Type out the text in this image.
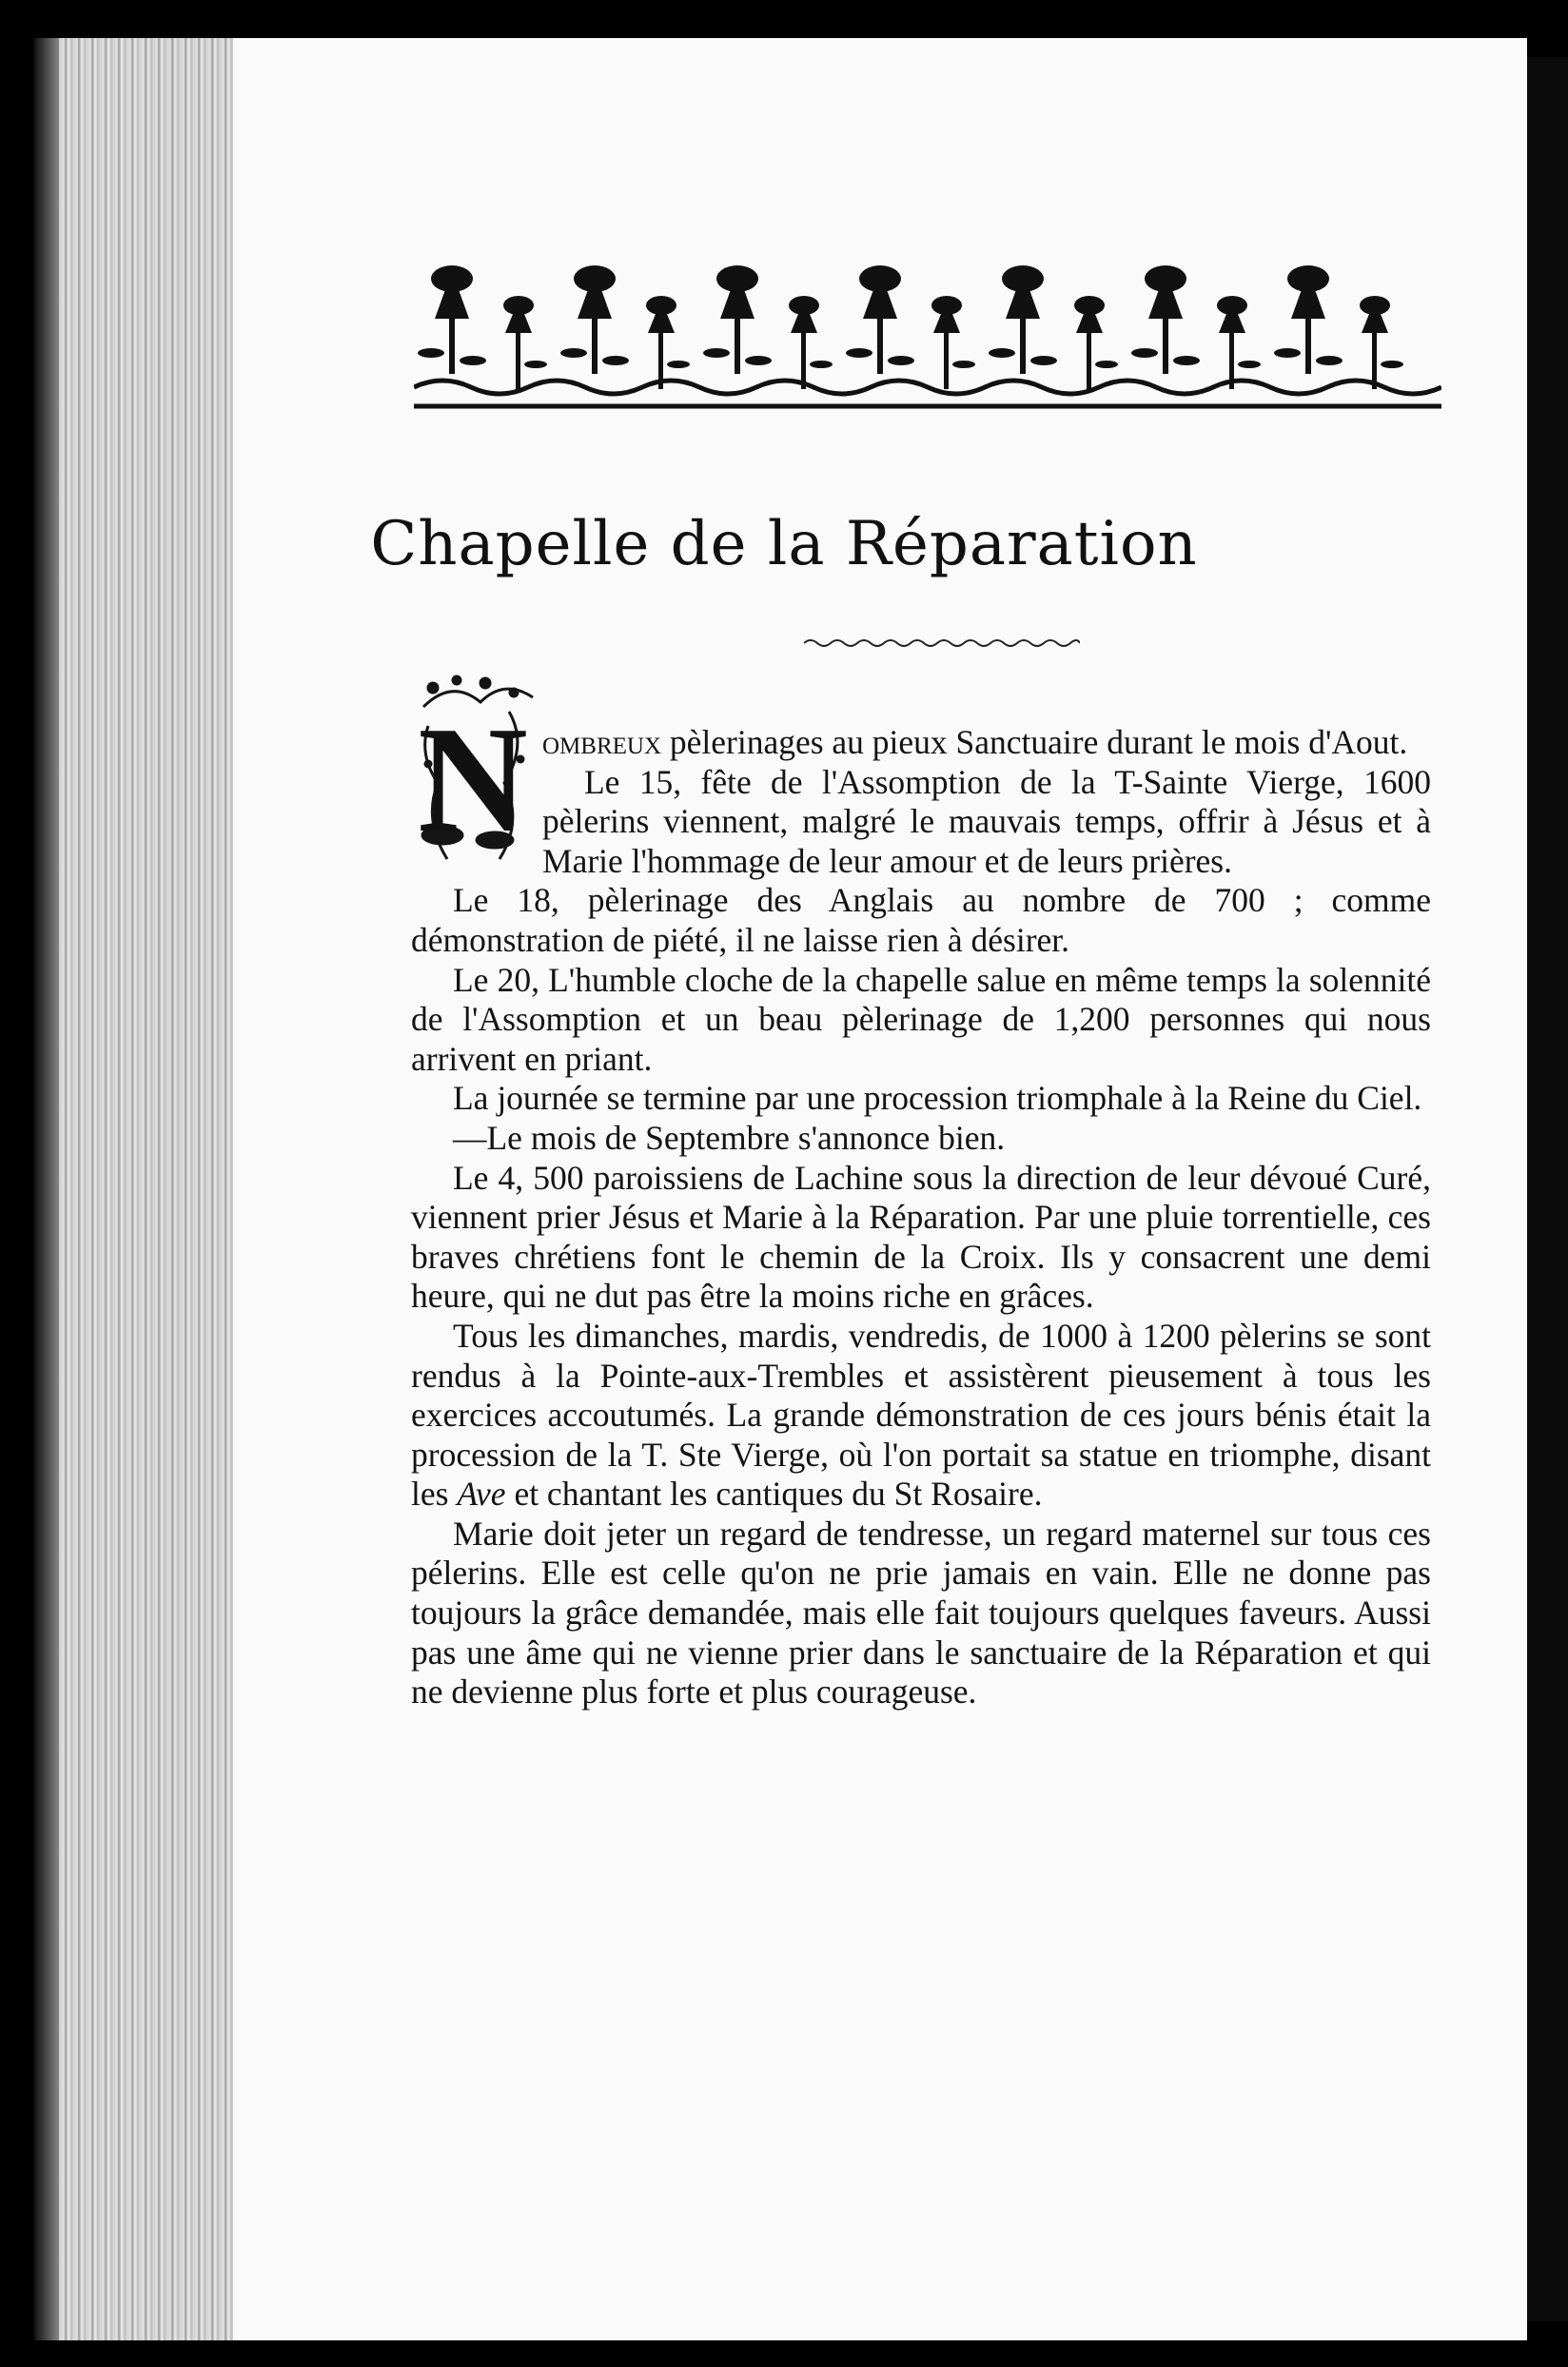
Chapelle de la Réparation
N ombreux pèlerinages au pieux Sanctuaire durant le mois d'Aout.

Le 15, fête de l'Assomption de la T-Sainte Vierge, 1600 pèlerins viennent, malgré le mauvais temps, offrir à Jésus et à Marie l'hommage de leur amour et de leurs prières.

Le 18, pèlerinage des Anglais au nombre de 700 ; comme démonstration de piété, il ne laisse rien à désirer.

Le 20, L'humble cloche de la chapelle salue en même temps la solennité de l'Assomption et un beau pèlerinage de 1,200 personnes qui nous arrivent en priant.

La journée se termine par une procession triomphale à la Reine du Ciel.

—Le mois de Septembre s'annonce bien.

Le 4, 500 paroissiens de Lachine sous la direction de leur dévoué Curé, viennent prier Jésus et Marie à la Réparation. Par une pluie torrentielle, ces braves chrétiens font le chemin de la Croix. Ils y consacrent une demi heure, qui ne dut pas être la moins riche en grâces.

Tous les dimanches, mardis, vendredis, de 1000 à 1200 pèlerins se sont rendus à la Pointe-aux-Trembles et assistèrent pieusement à tous les exercices accoutumés. La grande démonstration de ces jours bénis était la procession de la T. Ste Vierge, où l'on portait sa statue en triomphe, disant les Ave et chantant les cantiques du St Rosaire.

Marie doit jeter un regard de tendresse, un regard maternel sur tous ces pélerins. Elle est celle qu'on ne prie jamais en vain. Elle ne donne pas toujours la grâce demandée, mais elle fait toujours quelques faveurs. Aussi pas une âme qui ne vienne prier dans le sanctuaire de la Réparation et qui ne devienne plus forte et plus courageuse.
